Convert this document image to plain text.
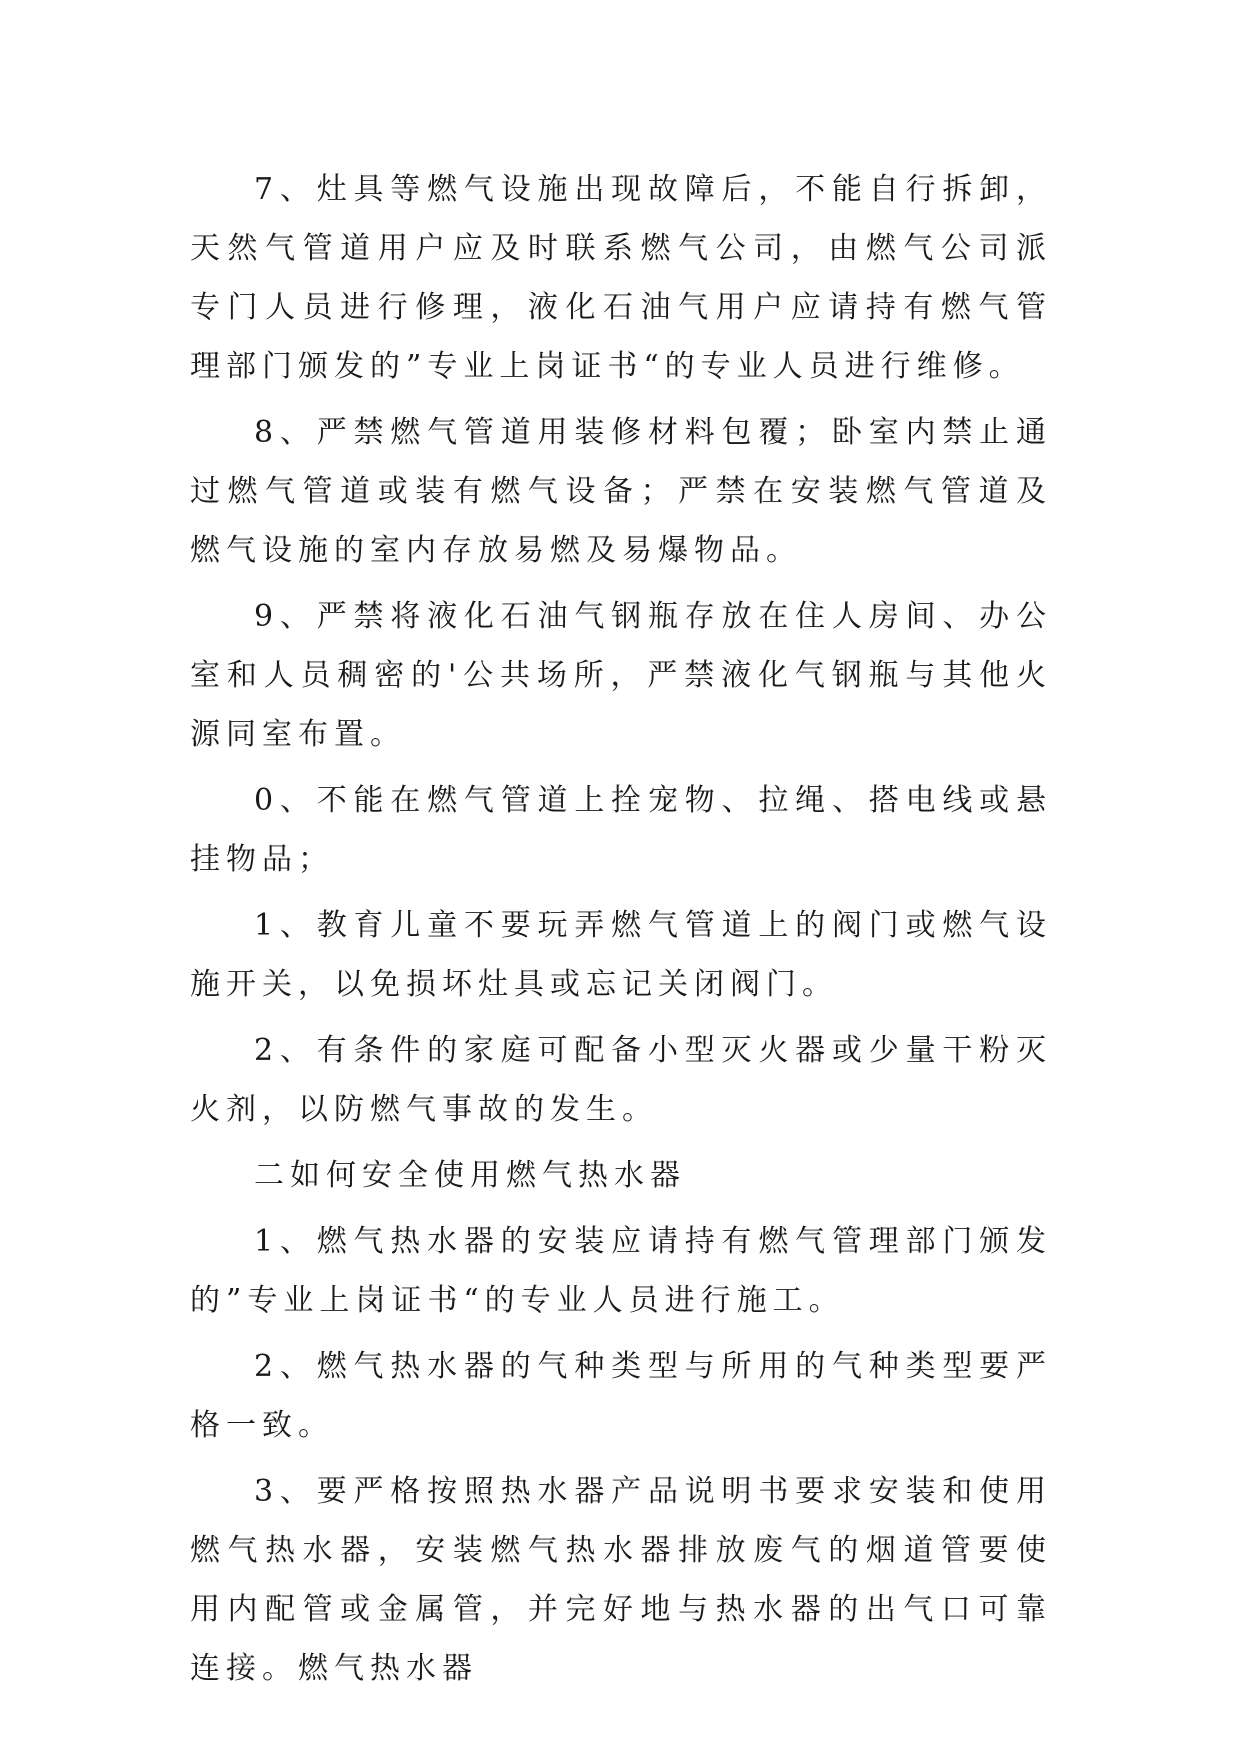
7、灶具等燃气设施出现故障后，不能自行拆卸，天然气管道用户应及时联系燃气公司，由燃气公司派专门人员进行修理，液化石油气用户应请持有燃气管理部门颁发的”专业上岗证书“的专业人员进行维修。

8、严禁燃气管道用装修材料包覆；卧室内禁止通过燃气管道或装有燃气设备；严禁在安装燃气管道及燃气设施的室内存放易燃及易爆物品。

9、严禁将液化石油气钢瓶存放在住人房间、办公室和人员稠密的'公共场所，严禁液化气钢瓶与其他火源同室布置。

0、不能在燃气管道上拴宠物、拉绳、搭电线或悬挂物品；

1、教育儿童不要玩弄燃气管道上的阀门或燃气设施开关，以免损坏灶具或忘记关闭阀门。

2、有条件的家庭可配备小型灭火器或少量干粉灭火剂，以防燃气事故的发生。

二如何安全使用燃气热水器

1、燃气热水器的安装应请持有燃气管理部门颁发的”专业上岗证书“的专业人员进行施工。

2、燃气热水器的气种类型与所用的气种类型要严格一致。

3、要严格按照热水器产品说明书要求安装和使用燃气热水器，安装燃气热水器排放废气的烟道管要使用内配管或金属管，并完好地与热水器的出气口可靠连接。燃气热水器
